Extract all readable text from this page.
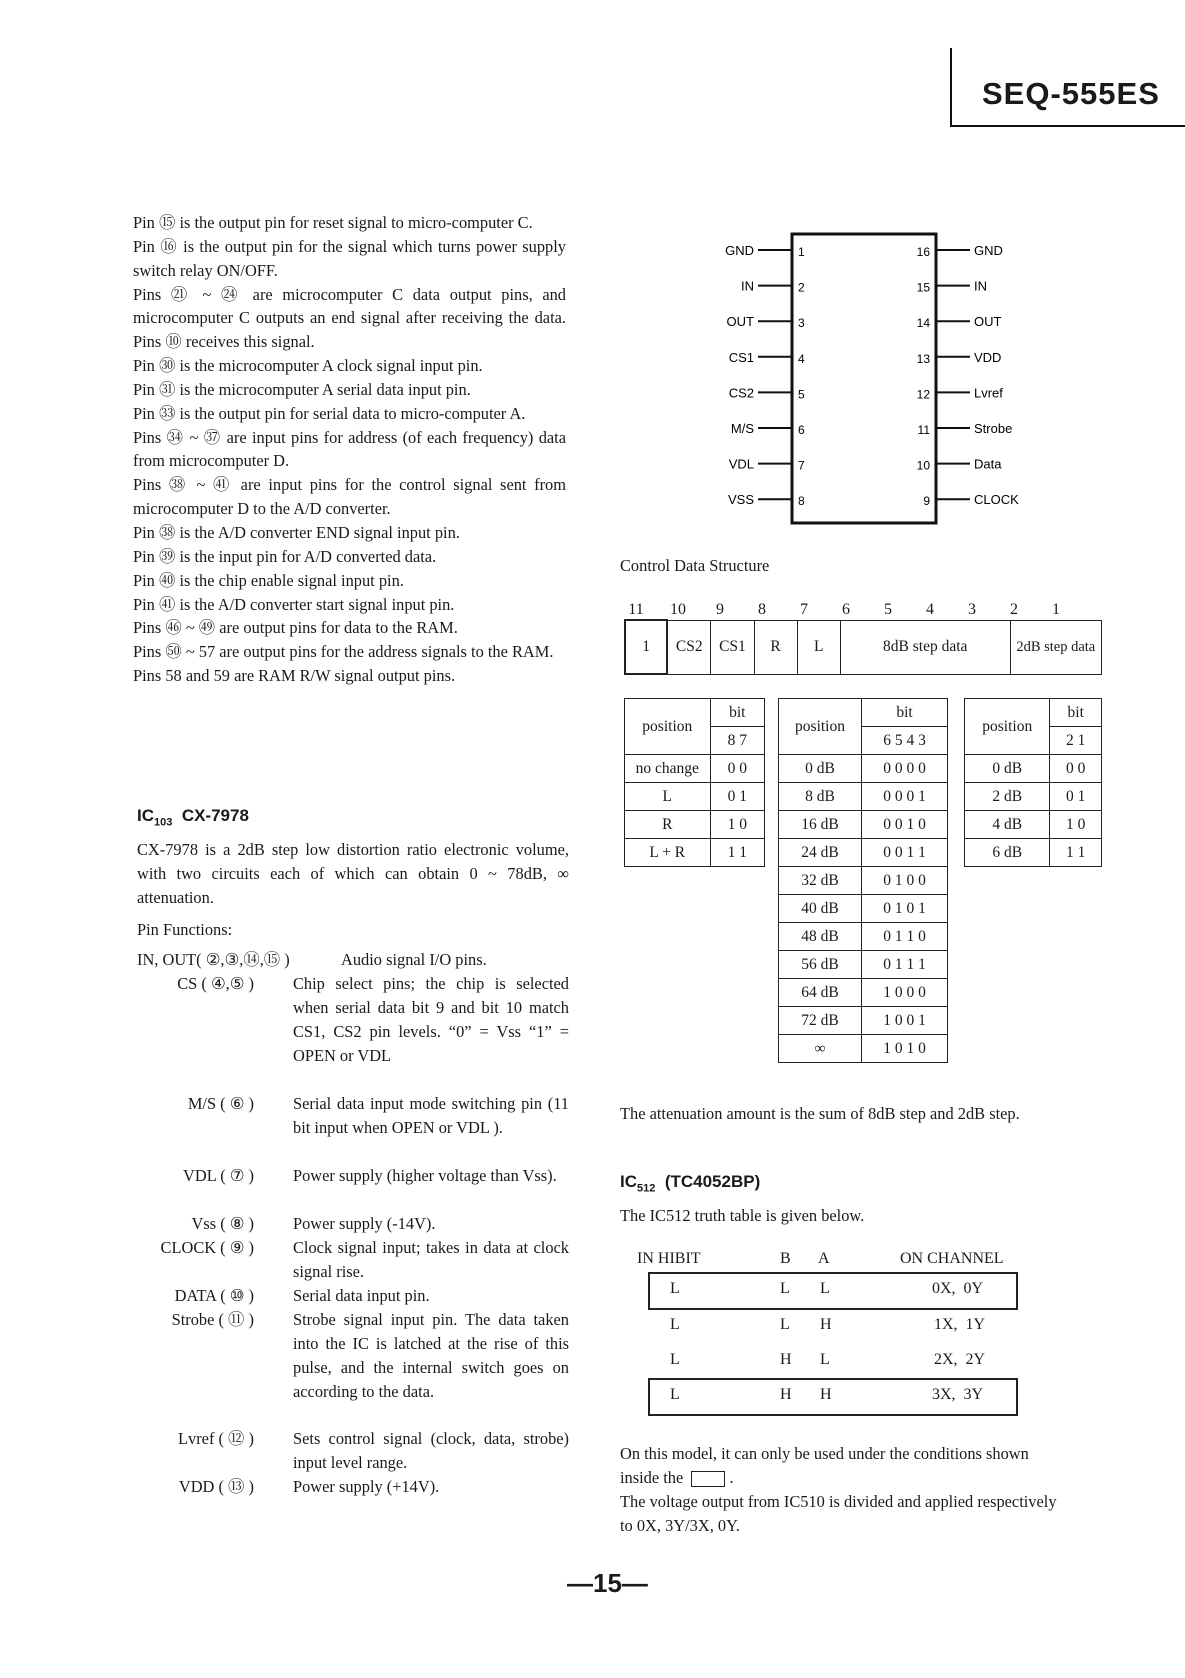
SEQ-555ES

Pin ⑮ is the output pin for reset signal to micro-computer C.

Pin ⑯ is the output pin for the signal which turns power supply switch relay ON/OFF.

Pins ㉑ ~ ㉔ are microcomputer C data output pins, and microcomputer C outputs an end signal after receiving the data. Pins ⑩ receives this signal.

Pin ㉚ is the microcomputer A clock signal input pin.

Pin ㉛ is the microcomputer A serial data input pin.

Pin ㉝ is the output pin for serial data to micro-computer A.

Pins ㉞ ~ ㊲ are input pins for address (of each frequency) data from microcomputer D.

Pins ㊳ ~ ㊶ are input pins for the control signal sent from microcomputer D to the A/D converter.

Pin ㊳ is the A/D converter END signal input pin.

Pin ㊴ is the input pin for A/D converted data.

Pin ㊵ is the chip enable signal input pin.

Pin ㊶ is the A/D converter start signal input pin.

Pins ㊻ ~ ㊾ are output pins for data to the RAM.

Pins ㊿ ~ 57 are output pins for the address signals to the RAM.

Pins 58 and 59 are RAM R/W signal output pins.

$IC_{103}$ CX-7978

CX-7978 is a 2dB step low distortion ratio electronic volume, with two circuits each of which can obtain 0 ~ 78dB, ∞ attenuation.

Pin Functions:

IN, OUT( ②,③,⑭,⑮ )	Audio signal I/O pins.
CS ( ④,⑤ ) Chip select pins; the chip is selected when serial data bit 9 and bit 10 match CS1, CS2 pin levels. “0” = Vss “1” = OPEN or VDL
M/S ( ⑥ ) Serial data input mode switching pin (11 bit input when OPEN or VDL ).
VDL ( ⑦ ) Power supply (higher voltage than Vss).
Vss ( ⑧ ) Power supply (-14V).
CLOCK ( ⑨ ) Clock signal input; takes in data at clock signal rise.
DATA ( ⑩ ) Serial data input pin.
Strobe ( ⑪ ) Strobe signal input pin. The data taken into the IC is latched at the rise of this pulse, and the internal switch goes on according to the data.
Lvref ( ⑫ ) Sets control signal (clock, data, strobe) input level range.
VDD ( ⑬ ) Power supply (+14V).
GND	1
IN	2
OUT	3
CS1	4
CS2	5
M/S	6
VDL	7
VSS	8
GND
16
IN
15
OUT
14
VDD
13
Lvref
12
Strobe
11
Data
10
CLOCK
9
Control Data Structure
11 10	9	8	7	6	5	4	3	2	1
1	CS2	CS1	R	L	8dB step data	2dB step data
position	bit
	8 7
no change	0 0
L	0 1
R	1 0
L + R	1 1
position	bit
	6 5 4 3
0 dB	0 0 0 0
8 dB	0 0 0 1
16 dB	0 0 1 0
24 dB	0 0 1 1
32 dB	0 1 0 0
40 dB	0 1 0 1
48 dB	0 1 1 0
56 dB	0 1 1 1
64 dB	1 0 0 0
72 dB	1 0 0 1
∞	1 0 1 0
position	bit
	2 1
0 dB	0 0
2 dB	0 1
4 dB	1 0
6 dB	1 1

The attenuation amount is the sum of 8dB step and 2dB step.

$IC_{512}$ (TC4052BP)

The IC512 truth table is given below.

IN HIBIT	B A	ON CHANNEL
L	L L	0X,  0Y
L	L H	1X,  1Y
L	H L	2X,  2Y
L	H H	3X,  3Y

On this model, it can only be used under the conditions shown inside the	.

The voltage output from IC510 is divided and applied respectively to 0X, 3Y/3X, 0Y.

—15—
